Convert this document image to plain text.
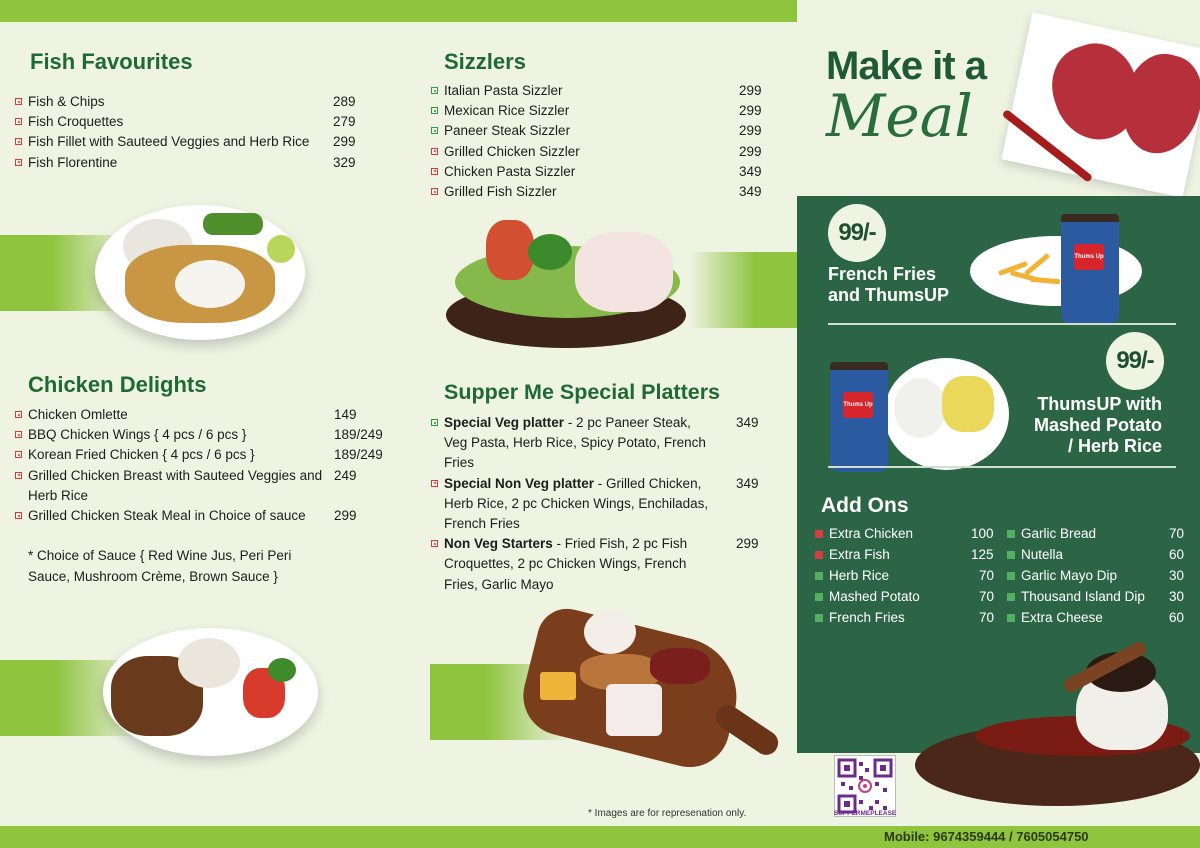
Fish Favourites
Fish & Chips	289
Fish Croquettes	279
Fish Fillet with Sauteed Veggies and Herb Rice 299
Fish Florentine	329
Chicken Delights
Chicken Omlette	149
BBQ Chicken Wings { 4 pcs / 6 pcs }	189/249
Korean Fried Chicken { 4 pcs / 6 pcs }	189/249
Grilled Chicken Breast with Sauteed Veggies and Herb Rice
249
Grilled Chicken Steak Meal in Choice of sauce 299
* Choice of Sauce { Red Wine Jus, Peri Peri Sauce, Mushroom Crème, Brown Sauce }
Sizzlers
Italian Pasta Sizzler	299
Mexican Rice Sizzler	299
Paneer Steak Sizzler	299
Grilled Chicken Sizzler	299
Chicken Pasta Sizzler	349
Grilled Fish Sizzler	349
Supper Me Special Platters
Special Veg platter - 2 pc Paneer Steak, Veg Pasta, Herb Rice, Spicy Potato, French Fries
349
Special Non Veg platter - Grilled Chicken, Herb Rice, 2 pc Chicken Wings, Enchiladas, French Fries
349
Non Veg Starters - Fried Fish, 2 pc Fish Croquettes, 2 pc Chicken Wings, French Fries, Garlic Mayo
299
Make it a
Meal
99/-
French Fries
and ThumsUP
Thums Up
99/-
ThumsUP with
Mashed Potato
/ Herb Rice
Thums Up
Add Ons
Extra Chicken	100
Extra Fish	125
Herb Rice	70
Mashed Potato	70
French Fries	70
Garlic Bread	70
Nutella	60
Garlic Mayo Dip	30
Thousand Island Dip 30
Extra Cheese	60
SUPPERMEPLEASE
* Images are for represenation only.
Mobile: 9674359444 / 7605054750
